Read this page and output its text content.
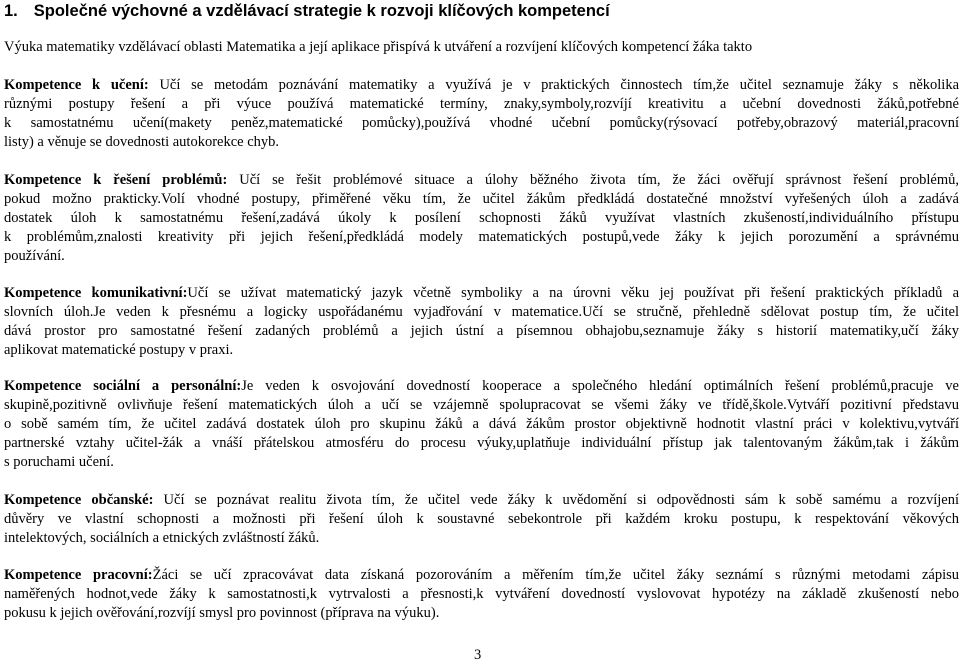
1. Společné výchovné a vzdělávací strategie k rozvoji klíčových kompetencí
Výuka matematiky vzdělávací oblasti Matematika a její aplikace přispívá k utváření a rozvíjení klíčových kompetencí žáka takto
Kompetence k učení: Učí se metodám poznávání matematiky a využívá je v praktických činnostech tím,že učitel seznamuje žáky s několika
různými postupy řešení a při výuce používá matematické termíny, znaky,symboly,rozvíjí kreativitu a učební dovednosti žáků,potřebné
k samostatnému učení(makety peněz,matematické pomůcky),používá vhodné učební pomůcky(rýsovací potřeby,obrazový materiál,pracovní
listy) a věnuje se dovednosti autokorekce chyb.
Kompetence k řešení problémů: Učí se řešit problémové situace a úlohy běžného života tím, že žáci ověřují správnost řešení problémů,
pokud možno prakticky.Volí vhodné postupy, přiměřené věku tím, že učitel žákům předkládá dostatečné množství vyřešených úloh a zadává
dostatek úloh k samostatnému řešení,zadává úkoly k posílení schopnosti žáků využívat vlastních zkušeností,individuálního přístupu
k problémům,znalosti kreativity při jejich řešení,předkládá modely matematických postupů,vede žáky k jejich porozumění a správnému
používání.
Kompetence komunikativní:Učí se užívat matematický jazyk včetně symboliky a na úrovni věku jej používat při řešení praktických příkladů a
slovních úloh.Je veden k přesnému a logicky uspořádanému vyjadřování v matematice.Učí se stručně, přehledně sdělovat postup tím, že učitel
dává prostor pro samostatné řešení zadaných problémů a jejich ústní a písemnou obhajobu,seznamuje žáky s historií matematiky,učí žáky
aplikovat matematické postupy v praxi.
Kompetence sociální a personální:Je veden k osvojování dovedností kooperace a společného hledání optimálních řešení problémů,pracuje ve
skupině,pozitivně ovlivňuje řešení matematických úloh a učí se vzájemně spolupracovat se všemi žáky ve třídě,škole.Vytváří pozitivní představu
o sobě samém tím, že učitel zadává dostatek úloh pro skupinu žáků a dává žákům prostor objektivně hodnotit vlastní práci v kolektivu,vytváří
partnerské vztahy učitel-žák a vnáší přátelskou atmosféru do procesu výuky,uplatňuje individuální přístup jak talentovaným žákům,tak i žákům
s poruchami učení.
Kompetence občanské: Učí se poznávat realitu života tím, že učitel vede žáky k uvědomění si odpovědnosti sám k sobě samému a rozvíjení
důvěry ve vlastní schopnosti a možnosti při řešení úloh k soustavné sebekontrole při každém kroku postupu, k respektování věkových
intelektových, sociálních a etnických zvláštností žáků.
Kompetence pracovní:Žáci se učí zpracovávat data získaná pozorováním a měřením tím,že učitel žáky seznámí s různými metodami zápisu
naměřených hodnot,vede žáky k samostatnosti,k vytrvalosti a přesnosti,k vytváření dovedností vyslovovat hypotézy na základě zkušeností nebo
pokusu k jejich ověřování,rozvíjí smysl pro povinnost (příprava na výuku).
3
